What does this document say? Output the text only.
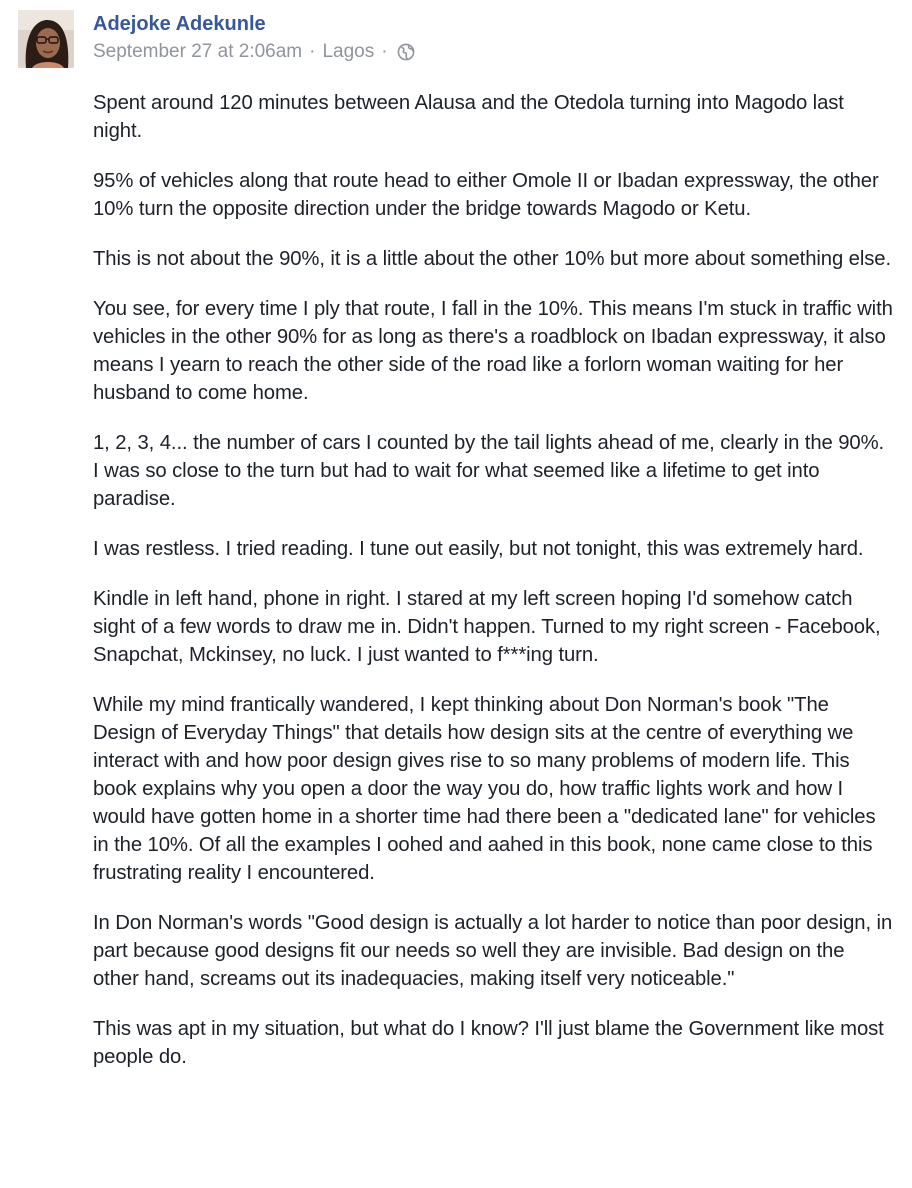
Adejoke Adekunle
September 27 at 2:06am · Lagos ·

Spent around 120 minutes between Alausa and the Otedola turning into Magodo last night.

95% of vehicles along that route head to either Omole II or Ibadan expressway, the other 10% turn the opposite direction under the bridge towards Magodo or Ketu.

This is not about the 90%, it is a little about the other 10% but more about something else.

You see, for every time I ply that route, I fall in the 10%. This means I'm stuck in traffic with vehicles in the other 90% for as long as there's a roadblock on Ibadan expressway, it also means I yearn to reach the other side of the road like a forlorn woman waiting for her husband to come home.

1, 2, 3, 4... the number of cars I counted by the tail lights ahead of me, clearly in the 90%. I was so close to the turn but had to wait for what seemed like a lifetime to get into paradise.

I was restless. I tried reading. I tune out easily, but not tonight, this was extremely hard.

Kindle in left hand, phone in right. I stared at my left screen hoping I'd somehow catch sight of a few words to draw me in. Didn't happen. Turned to my right screen - Facebook, Snapchat, Mckinsey, no luck. I just wanted to f***ing turn.

While my mind frantically wandered, I kept thinking about Don Norman's book "The Design of Everyday Things" that details how design sits at the centre of everything we interact with and how poor design gives rise to so many problems of modern life. This book explains why you open a door the way you do, how traffic lights work and how I would have gotten home in a shorter time had there been a "dedicated lane" for vehicles in the 10%. Of all the examples I oohed and aahed in this book, none came close to this frustrating reality I encountered.

In Don Norman's words "Good design is actually a lot harder to notice than poor design, in part because good designs fit our needs so well they are invisible. Bad design on the other hand, screams out its inadequacies, making itself very noticeable."

This was apt in my situation, but what do I know? I'll just blame the Government like most people do.
